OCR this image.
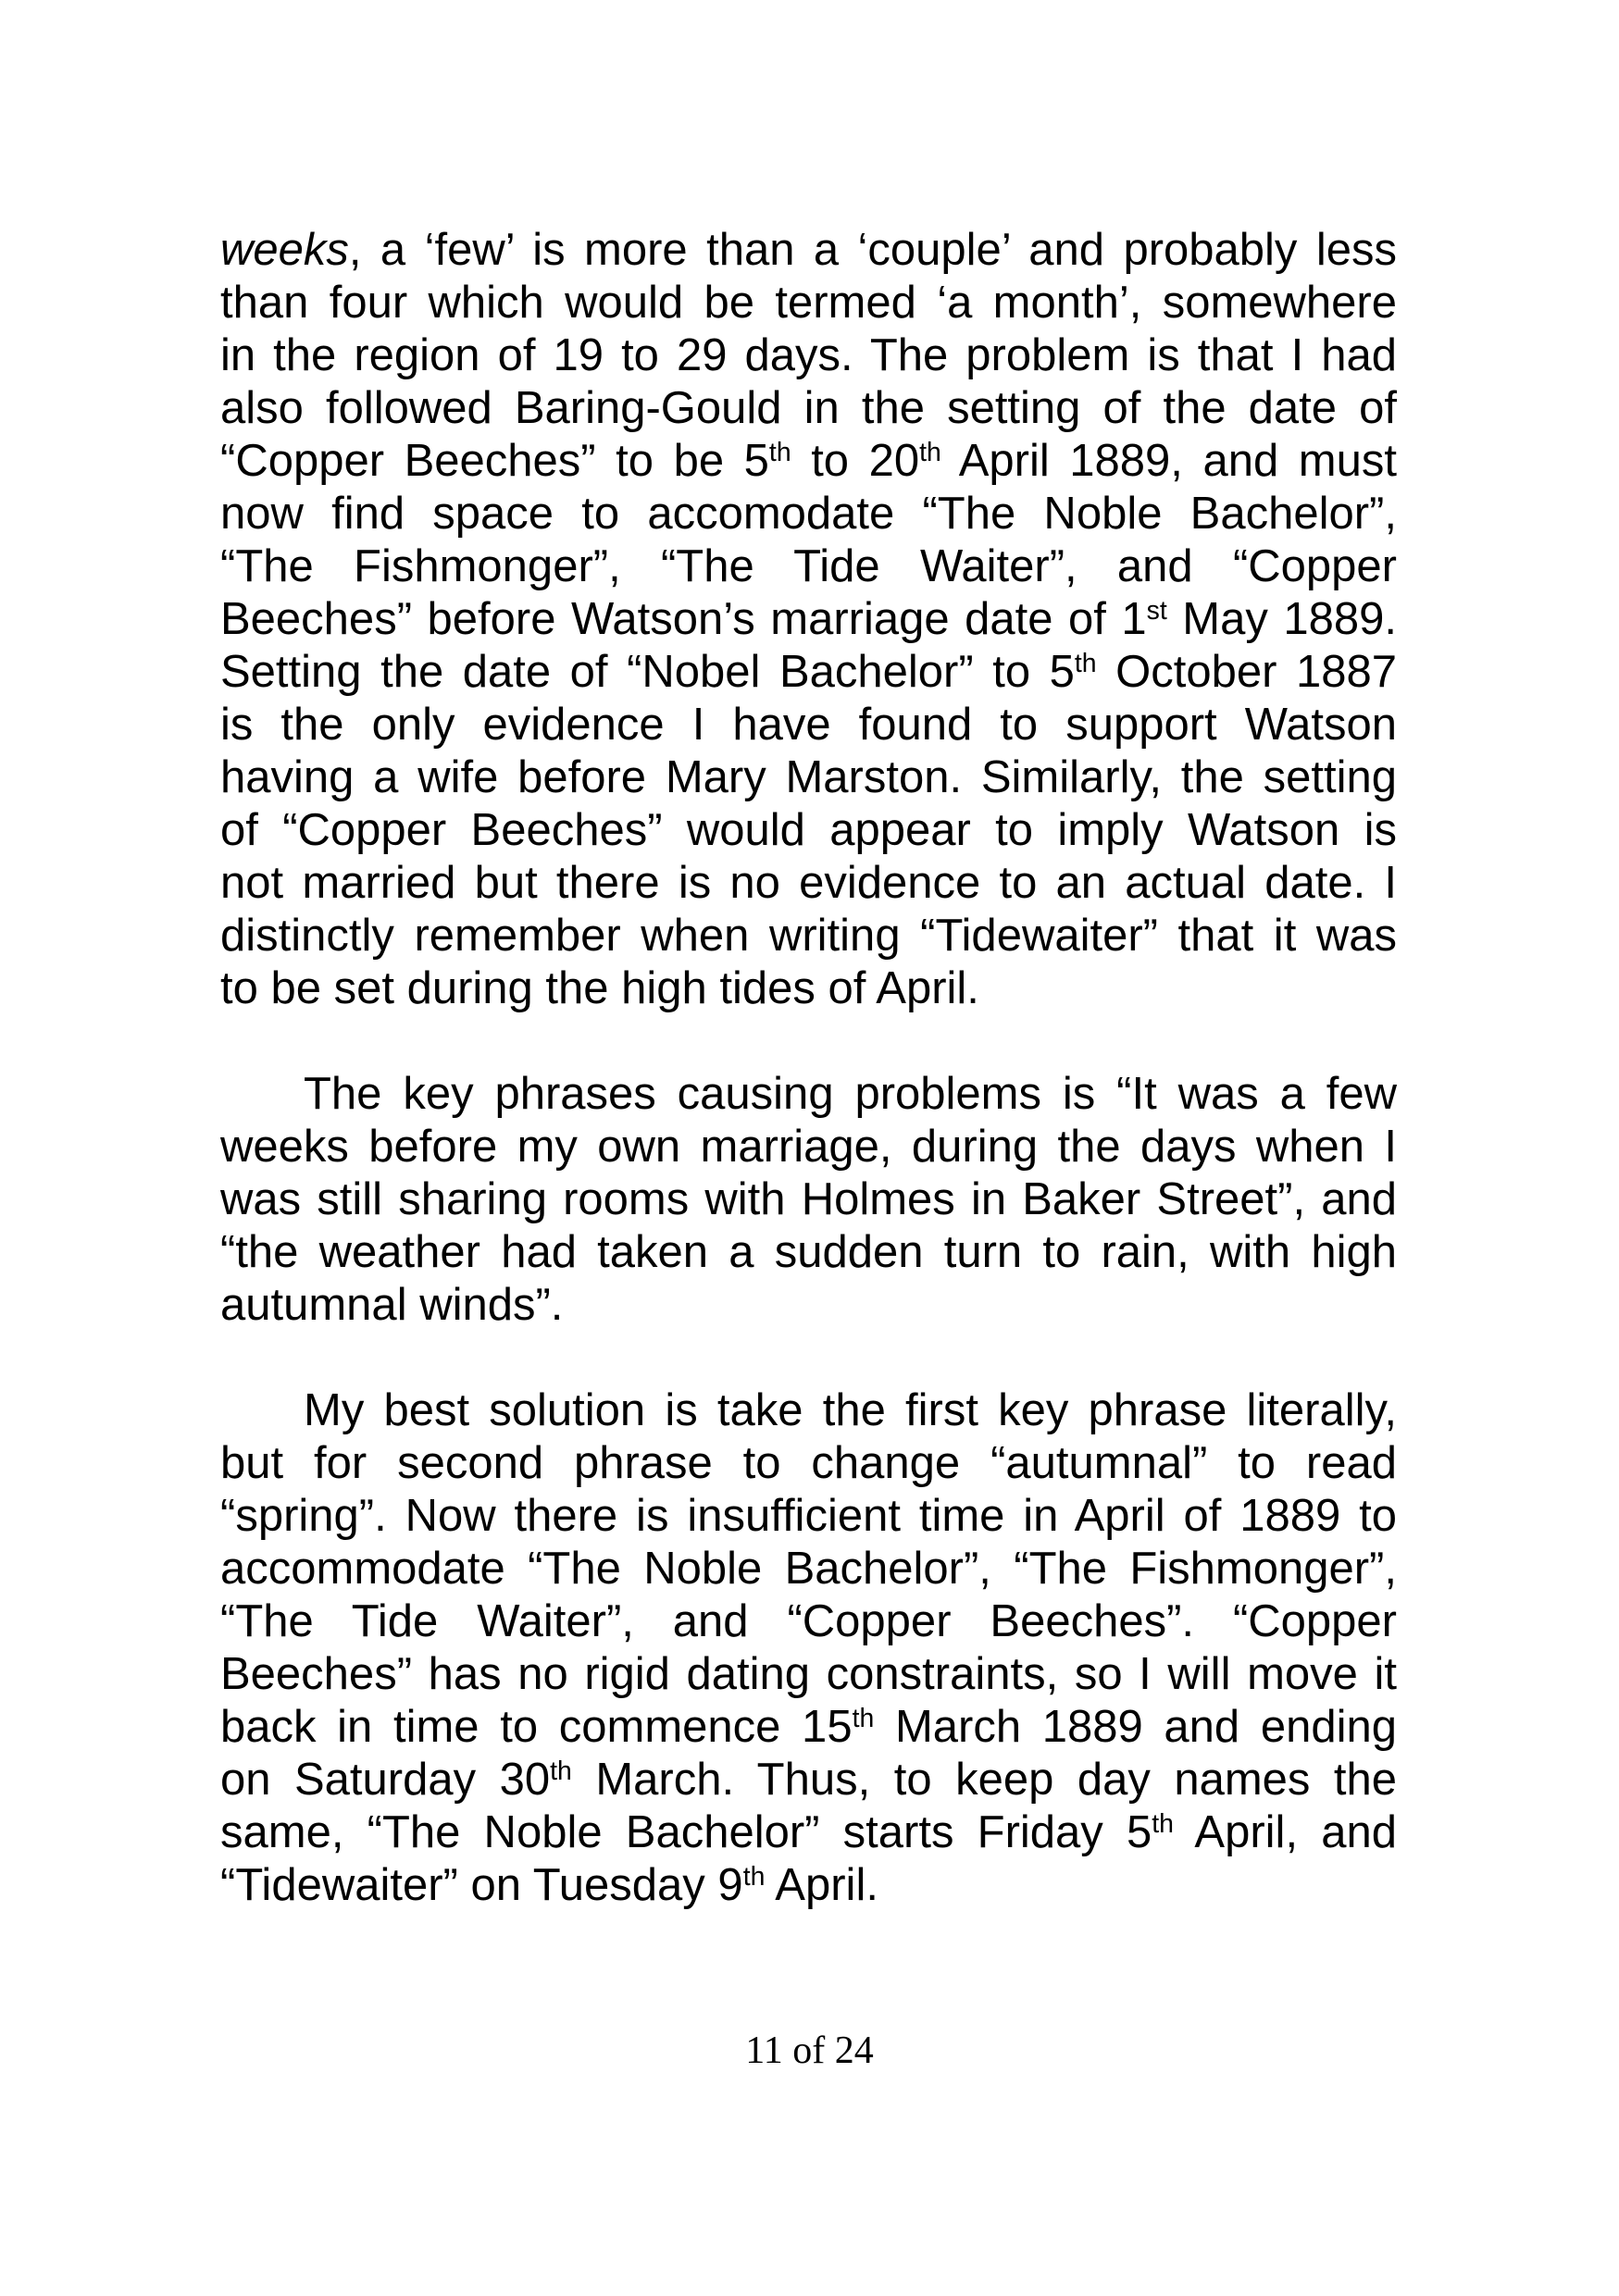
weeks, a ‘few’ is more than a ‘couple’ and probably less
than four which would be termed ‘a month’, somewhere
in the region of 19 to 29 days. The problem is that I had
also followed Baring-Gould in the setting of the date of
“Copper Beeches” to be 5th to 20th April 1889, and must
now find space to accomodate “The Noble Bachelor”,
“The Fishmonger”, “The Tide Waiter”, and “Copper
Beeches” before Watson’s marriage date of 1st May 1889.
Setting the date of “Nobel Bachelor” to 5th October 1887
is the only evidence I have found to support Watson
having a wife before Mary Marston. Similarly, the setting
of “Copper Beeches” would appear to imply Watson is
not married but there is no evidence to an actual date. I
distinctly remember when writing “Tidewaiter” that it was
to be set during the high tides of April.
The key phrases causing problems is “It was a few
weeks before my own marriage, during the days when I
was still sharing rooms with Holmes in Baker Street”, and
“the weather had taken a sudden turn to rain, with high
autumnal winds”.
My best solution is take the first key phrase literally,
but for second phrase to change “autumnal” to read
“spring”. Now there is insufficient time in April of 1889 to
accommodate “The Noble Bachelor”, “The Fishmonger”,
“The Tide Waiter”, and “Copper Beeches”. “Copper
Beeches” has no rigid dating constraints, so I will move it
back in time to commence 15th March 1889 and ending
on Saturday 30th March. Thus, to keep day names the
same, “The Noble Bachelor” starts Friday 5th April, and
“Tidewaiter” on Tuesday 9th April.
11 of 24
